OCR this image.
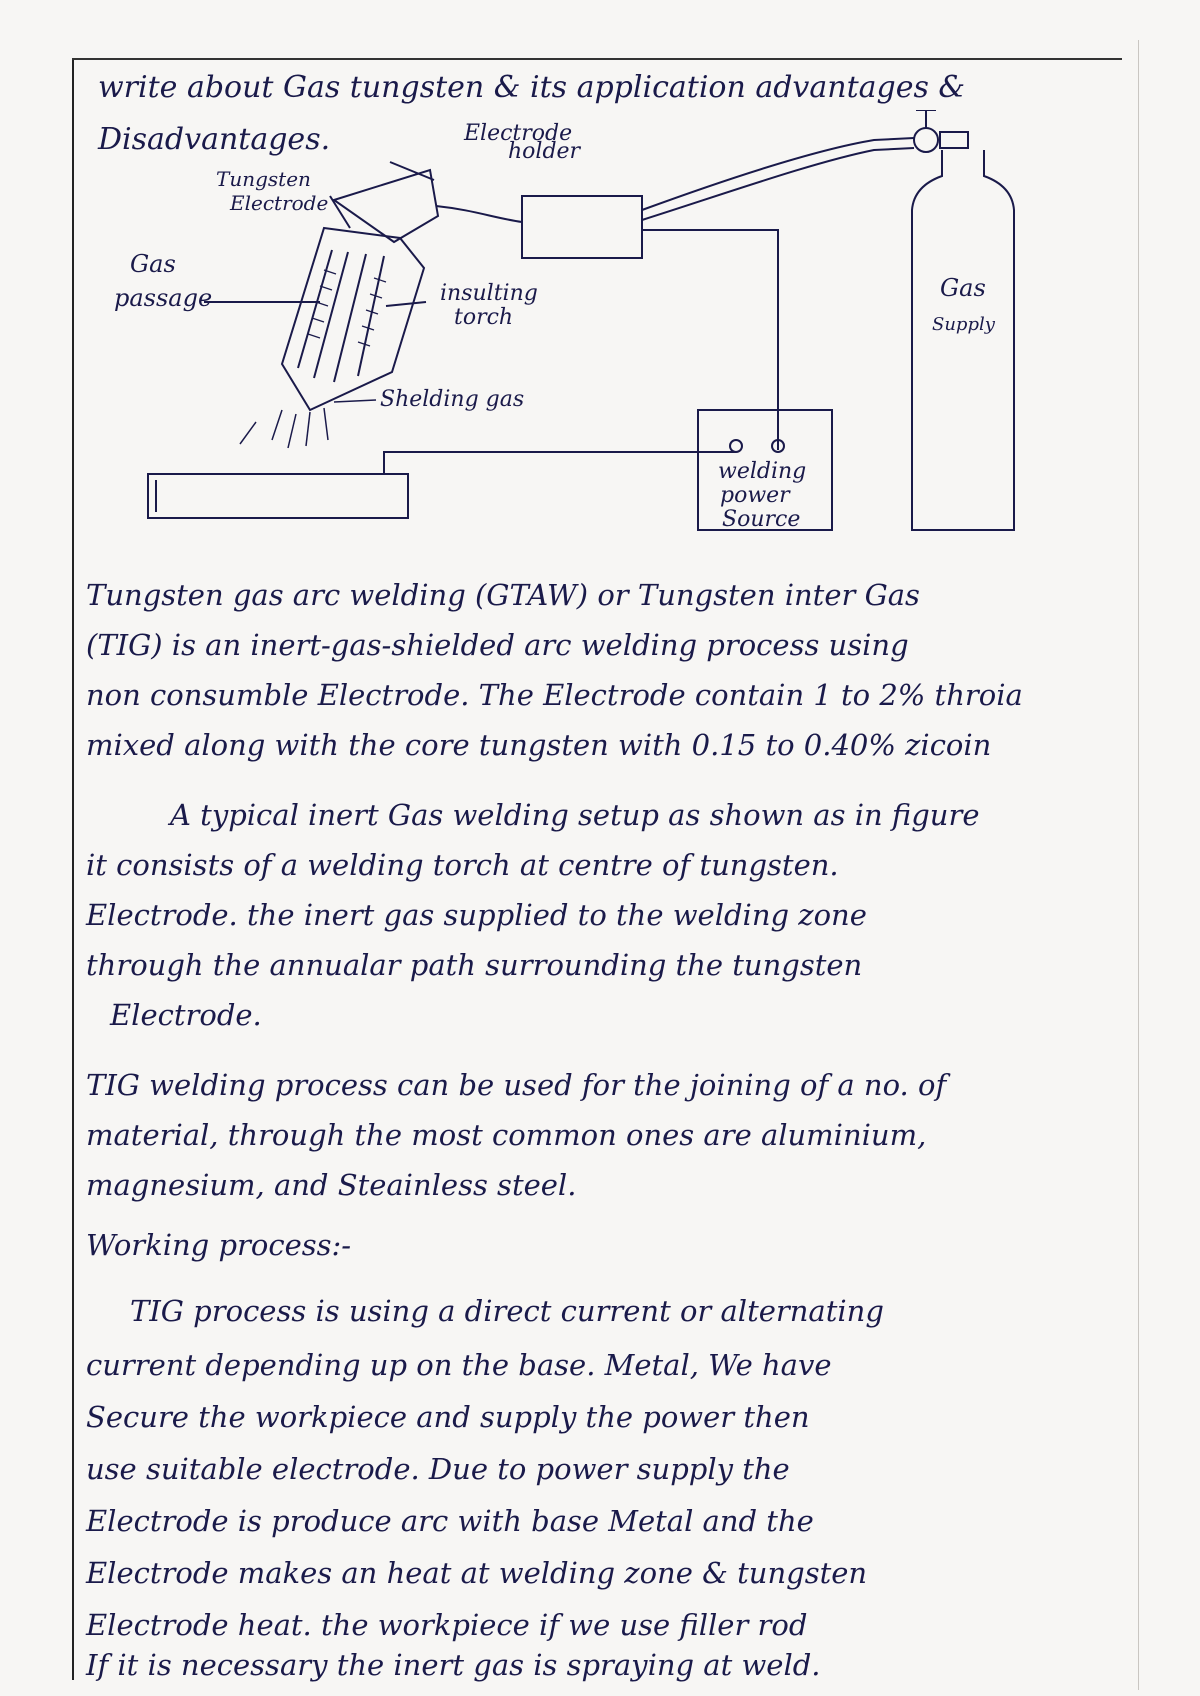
write about Gas tungsten & its application advantages &
Disadvantages.	Electrode
holder
Tungsten
Electrode
Gas
passage	insulting
torch
Shelding gas
Gas
Supply
welding
power
Source
Tungsten gas arc welding (GTAW) or Tungsten inter Gas
(TIG) is an inert-gas-shielded arc welding process using
non consumble Electrode. The Electrode contain 1 to 2% throia
mixed along with the core tungsten with 0.15 to 0.40% zicoin
A typical inert Gas welding setup as shown as in figure
it consists of a welding torch at centre of tungsten.
Electrode. the inert gas supplied to the welding zone
through the annualar path surrounding the tungsten
Electrode.
TIG welding process can be used for the joining of a no. of
material, through the most common ones are aluminium,
magnesium, and Steainless steel.
Working process:-
TIG process is using a direct current or alternating
current depending up on the base. Metal, We have
Secure the workpiece and supply the power then
use suitable electrode. Due to power supply the
Electrode is produce arc with base Metal and the
Electrode makes an heat at welding zone & tungsten
Electrode heat. the workpiece if we use filler rod
If it is necessary the inert gas is spraying at weld.
